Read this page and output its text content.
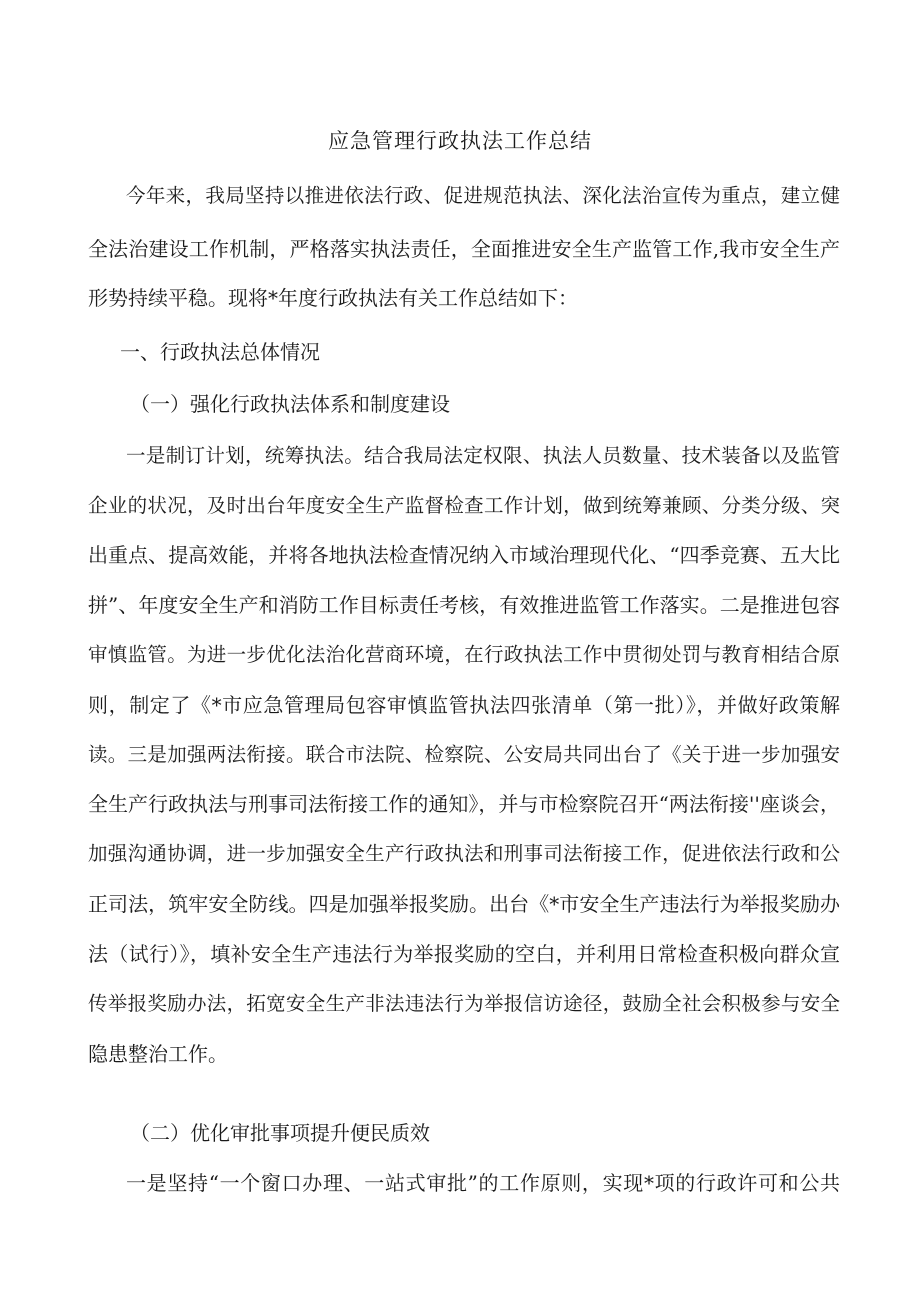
应急管理行政执法工作总结
今年来，我局坚持以推进依法行政、促进规范执法、深化法治宣传为重点，建立健
全法治建设工作机制，严格落实执法责任，全面推进安全生产监管工作,我市安全生产
形势持续平稳。现将*年度行政执法有关工作总结如下：
一、行政执法总体情况
（一）强化行政执法体系和制度建设
一是制订计划，统筹执法。结合我局法定权限、执法人员数量、技术装备以及监管
企业的状况，及时出台年度安全生产监督检查工作计划，做到统筹兼顾、分类分级、突
出重点、提高效能，并将各地执法检查情况纳入市域治理现代化、“四季竞赛、五大比
拼”、年度安全生产和消防工作目标责任考核，有效推进监管工作落实。二是推进包容
审慎监管。为进一步优化法治化营商环境，在行政执法工作中贯彻处罚与教育相结合原
则，制定了《*市应急管理局包容审慎监管执法四张清单（第一批）》，并做好政策解
读。三是加强两法衔接。联合市法院、检察院、公安局共同出台了《关于进一步加强安
全生产行政执法与刑事司法衔接工作的通知》，并与市检察院召开“两法衔接''座谈会，
加强沟通协调，进一步加强安全生产行政执法和刑事司法衔接工作，促进依法行政和公
正司法，筑牢安全防线。四是加强举报奖励。出台《*市安全生产违法行为举报奖励办
法（试行）》，填补安全生产违法行为举报奖励的空白，并利用日常检查积极向群众宣
传举报奖励办法，拓宽安全生产非法违法行为举报信访途径，鼓励全社会积极参与安全
隐患整治工作。
（二）优化审批事项提升便民质效
一是坚持“一个窗口办理、一站式审批”的工作原则，实现*项的行政许可和公共
